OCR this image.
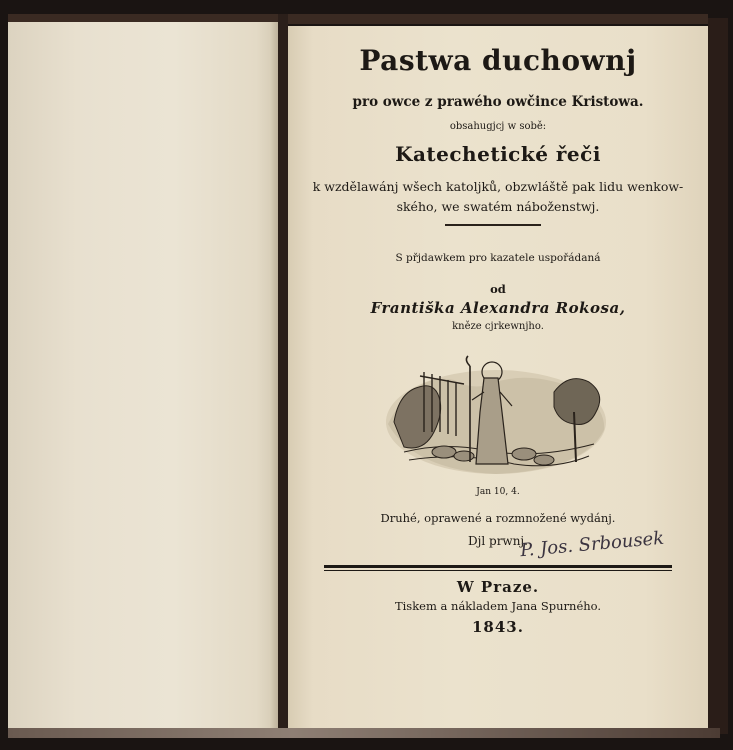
Pastwa duchownj
pro owce z prawého owčince Kristowa.
obsahugjcj w sobě:
Katechetické řeči
k wzdělawánj wšech katoljků, obzwláště pak lidu wenkow-
ského, we swatém náboženstwj.
S přjdawkem pro kazatele uspořádaná
od
Františka Alexandra Rokosa,
kněze cjrkewnjho.
Jan 10, 4.
Druhé, oprawené a rozmnožené wydánj.
Djl prwnj.
P. Jos. Srbousek
W Praze.
Tiskem a nákladem Jana Spurného.
1843.
